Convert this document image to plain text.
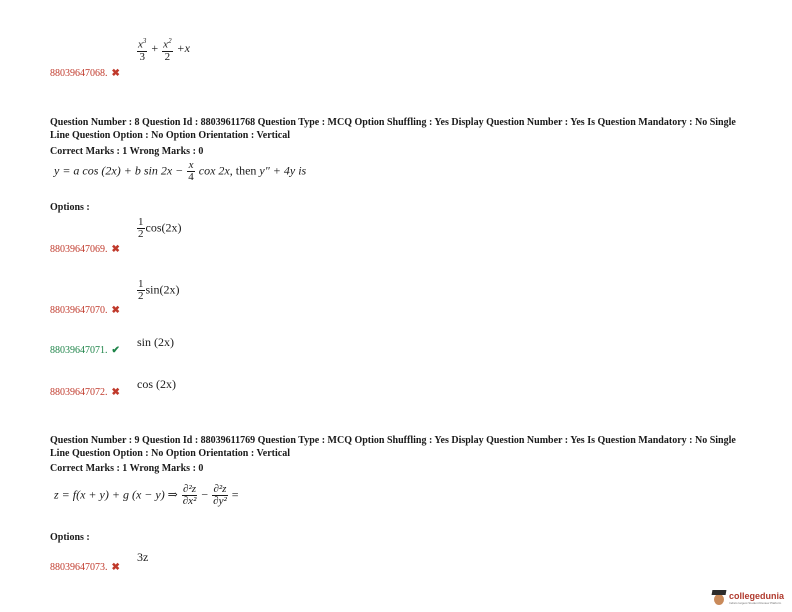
$\frac{x^3}{3} + \frac{x^2}{2} +x$
88039647068. ✖
Question Number : 8 Question Id : 88039611768 Question Type : MCQ Option Shuffling : Yes Display Question Number : Yes Is Question Mandatory : No Single Line Question Option : No Option Orientation : Vertical
Correct Marks : 1 Wrong Marks : 0
y = a cos (2x) + b $\sin 2x - \frac{x}{4}$ cox 2x, then y" + 4y is
Options :
$\frac{1}{2} \cos(2x)$
88039647069. ✖
$\frac{1}{2} \sin(2x)$
88039647070. ✖
sin (2x)
88039647071. ✔
cos (2x)
88039647072. ✖
Question Number : 9 Question Id : 88039611769 Question Type : MCQ Option Shuffling : Yes Display Question Number : Yes Is Question Mandatory : No Single Line Question Option : No Option Orientation : Vertical
Correct Marks : 1 Wrong Marks : 0
z = f(x + y) + g (x − y) ⇒ $\frac{\text{∂²z}}{\text{∂x²}} - \frac{\text{∂²z}}{\text{∂y²}}$ =
Options :
3z
88039647073. ✖
collegedunia
India's largest Student Review Platform
